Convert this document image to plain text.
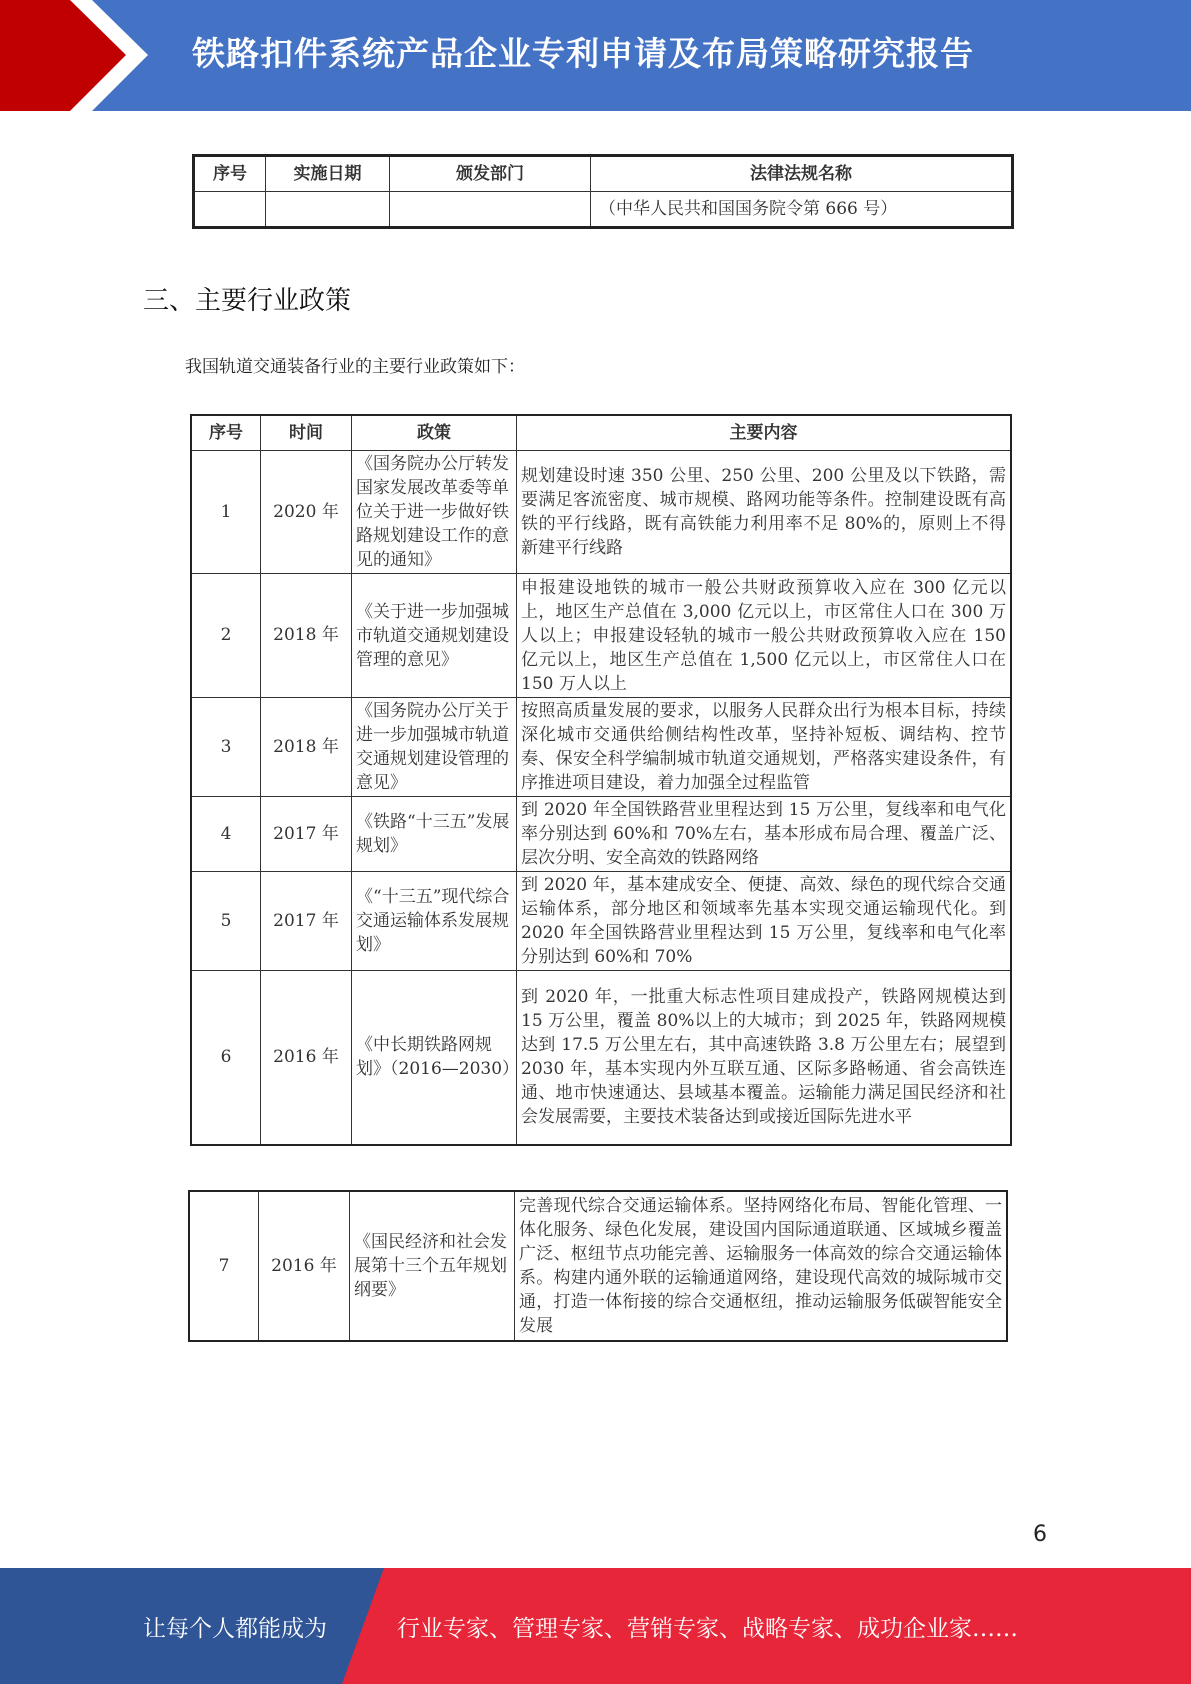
铁路扣件系统产品企业专利申请及布局策略研究报告
序号	实施日期	颁发部门	法律法规名称
			（中华人民共和国国务院令第 666 号）
三、主要行业政策
我国轨道交通装备行业的主要行业政策如下：
序号	时间	政策	主要内容
1	2020 年	《国务院办公厅转发国家发展改革委等单位关于进一步做好铁路规划建设工作的意见的通知》	规划建设时速 350 公里、250 公里、200 公里及以下铁路，需要满足客流密度、城市规模、路网功能等条件。控制建设既有高铁的平行线路，既有高铁能力利用率不足 80%的，原则上不得新建平行线路
2	2018 年	《关于进一步加强城市轨道交通规划建设管理的意见》	申报建设地铁的城市一般公共财政预算收入应在 300 亿元以上，地区生产总值在 3,000 亿元以上，市区常住人口在 300 万人以上；申报建设轻轨的城市一般公共财政预算收入应在 150 亿元以上，地区生产总值在 1,500 亿元以上，市区常住人口在 150 万人以上
3	2018 年	《国务院办公厅关于进一步加强城市轨道交通规划建设管理的意见》	按照高质量发展的要求，以服务人民群众出行为根本目标，持续深化城市交通供给侧结构性改革，坚持补短板、调结构、控节奏、保安全科学编制城市轨道交通规划，严格落实建设条件，有序推进项目建设，着力加强全过程监管
4	2017 年	《铁路“十三五”发展规划》	到 2020 年全国铁路营业里程达到 15 万公里，复线率和电气化率分别达到 60%和 70%左右，基本形成布局合理、覆盖广泛、层次分明、安全高效的铁路网络
5	2017 年	《“十三五”现代综合交通运输体系发展规划》	到 2020 年，基本建成安全、便捷、高效、绿色的现代综合交通运输体系，部分地区和领域率先基本实现交通运输现代化。到 2020 年全国铁路营业里程达到 15 万公里，复线率和电气化率分别达到 60%和 70%
6	2016 年	《中长期铁路网规划》（2016—2030）	到 2020 年，一批重大标志性项目建成投产，铁路网规模达到 15 万公里，覆盖 80%以上的大城市；到 2025 年，铁路网规模达到 17.5 万公里左右，其中高速铁路 3.8 万公里左右；展望到 2030 年，基本实现内外互联互通、区际多路畅通、省会高铁连通、地市快速通达、县域基本覆盖。运输能力满足国民经济和社会发展需要，主要技术装备达到或接近国际先进水平
7	2016 年	《国民经济和社会发展第十三个五年规划纲要》	完善现代综合交通运输体系。坚持网络化布局、智能化管理、一体化服务、绿色化发展，建设国内国际通道联通、区域城乡覆盖广泛、枢纽节点功能完善、运输服务一体高效的综合交通运输体系。构建内通外联的运输通道网络，建设现代高效的城际城市交通，打造一体衔接的综合交通枢纽，推动运输服务低碳智能安全发展
6
让每个人都能成为	行业专家、管理专家、营销专家、战略专家、成功企业家……
